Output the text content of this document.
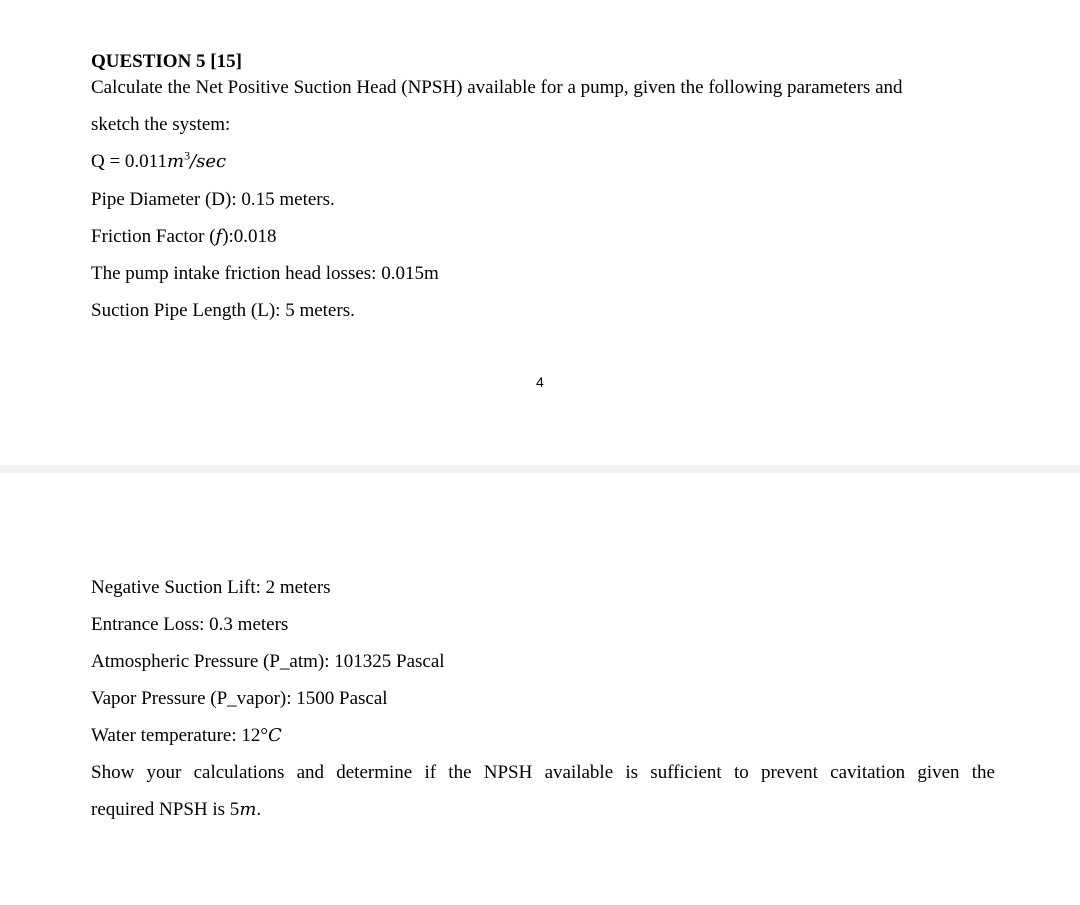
QUESTION 5 [15]
Calculate the Net Positive Suction Head (NPSH) available for a pump, given the following parameters and
sketch the system:
$Q = 0.011m^3/\sec$
Pipe Diameter (D): 0.15 meters.
Friction Factor (f):0.018
The pump intake friction head losses: 0.015m
Suction Pipe Length (L): 5 meters.
4
Negative Suction Lift: 2 meters
Entrance Loss: 0.3 meters
Atmospheric Pressure (P_atm): 101325 Pascal
Vapor Pressure (P_vapor): 1500 Pascal
Water temperature: 12°C
Show your calculations and determine if the NPSH available is sufficient to prevent cavitation given the
required NPSH is 5m.
